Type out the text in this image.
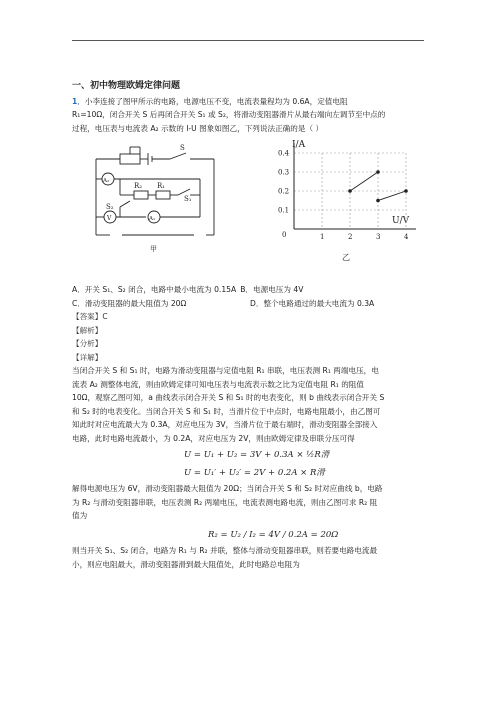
一、初中物理欧姆定律问题

1．小李连接了图甲所示的电路，电源电压不变，电流表量程均为 0.6A，定值电阻

R₁=10Ω，闭合开关 S 后再闭合开关 S₁ 或 S₂，将滑动变阻器滑片从最右端向左调节至中点的

过程，电压表与电流表 A₂ 示数的 I-U 图象如图乙，下列说法正确的是（ ）

S
A₂
R₂ R₁
S₁
S₂
V	A₁
甲
I/A
U/V
0
乙
1	2	3	4
0.4
0.3
0.2
0.1
A．开关 S₁、S₂ 闭合，电路中最小电流为 0.15A B．电源电压为 4V
C．滑动变阻器的最大阻值为 20Ω	D．整个电路通过的最大电流为 0.3A

【答案】C

【解析】

【分析】

【详解】

当闭合开关 S 和 S₁ 时，电路为滑动变阻器与定值电阻 R₁ 串联，电压表测 R₁ 两端电压，电

流表 A₂ 测整体电流，则由欧姆定律可知电压表与电流表示数之比为定值电阻 R₁ 的阻值

10Ω，观察乙图可知，a 曲线表示闭合开关 S 和 S₁ 时的电表变化，则 b 曲线表示闭合开关 S

和 S₂ 时的电表变化。当闭合开关 S 和 S₁ 时，当滑片位于中点时，电路电阻最小，由乙图可

知此时对应电流最大为 0.3A，对应电压为 3V，当滑片位于最右端时，滑动变阻器全部接入

电路，此时电路电流最小，为 0.2A，对应电压为 2V，则由欧姆定律及串联分压可得

U = U₁ + U₂ = 3V + 0.3A × ½R滑
U = U₁′ + U₂′ = 2V + 0.2A × R滑

解得电源电压为 6V，滑动变阻器最大阻值为 20Ω；当闭合开关 S 和 S₂ 时对应曲线 b，电路

为 R₂ 与滑动变阻器串联，电压表测 R₂ 两端电压，电流表测电路电流，则由乙图可求 R₂ 阻

值为

R₂ = U₂ / I₂ = 4V / 0.2A = 20Ω

则当开关 S₁、S₂ 闭合，电路为 R₁ 与 R₂ 并联，整体与滑动变阻器串联，则若要电路电流最

小，则应电阻最大，滑动变阻器滑到最大阻值处，此时电路总电阻为
